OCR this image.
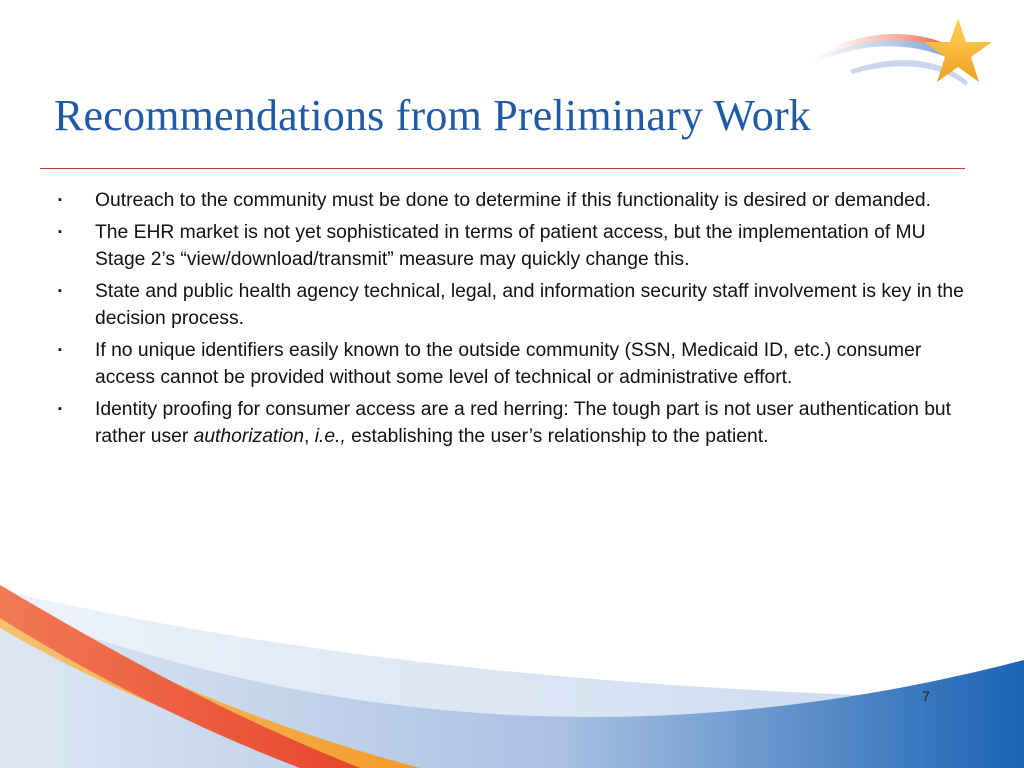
Recommendations from Preliminary Work
▪ Outreach to the community must be done to determine if this functionality is desired or demanded.
▪ The EHR market is not yet sophisticated in terms of patient access, but the implementation of MU Stage 2’s “view/download/transmit” measure may quickly change this.
▪ State and public health agency technical, legal, and information security staff involvement is key in the decision process.
▪ If no unique identifiers easily known to the outside community (SSN, Medicaid ID, etc.) consumer access cannot be provided without some level of technical or administrative effort.
▪ Identity proofing for consumer access are a red herring: The tough part is not user authentication but rather user authorization, i.e., establishing the user’s relationship to the patient.
7
